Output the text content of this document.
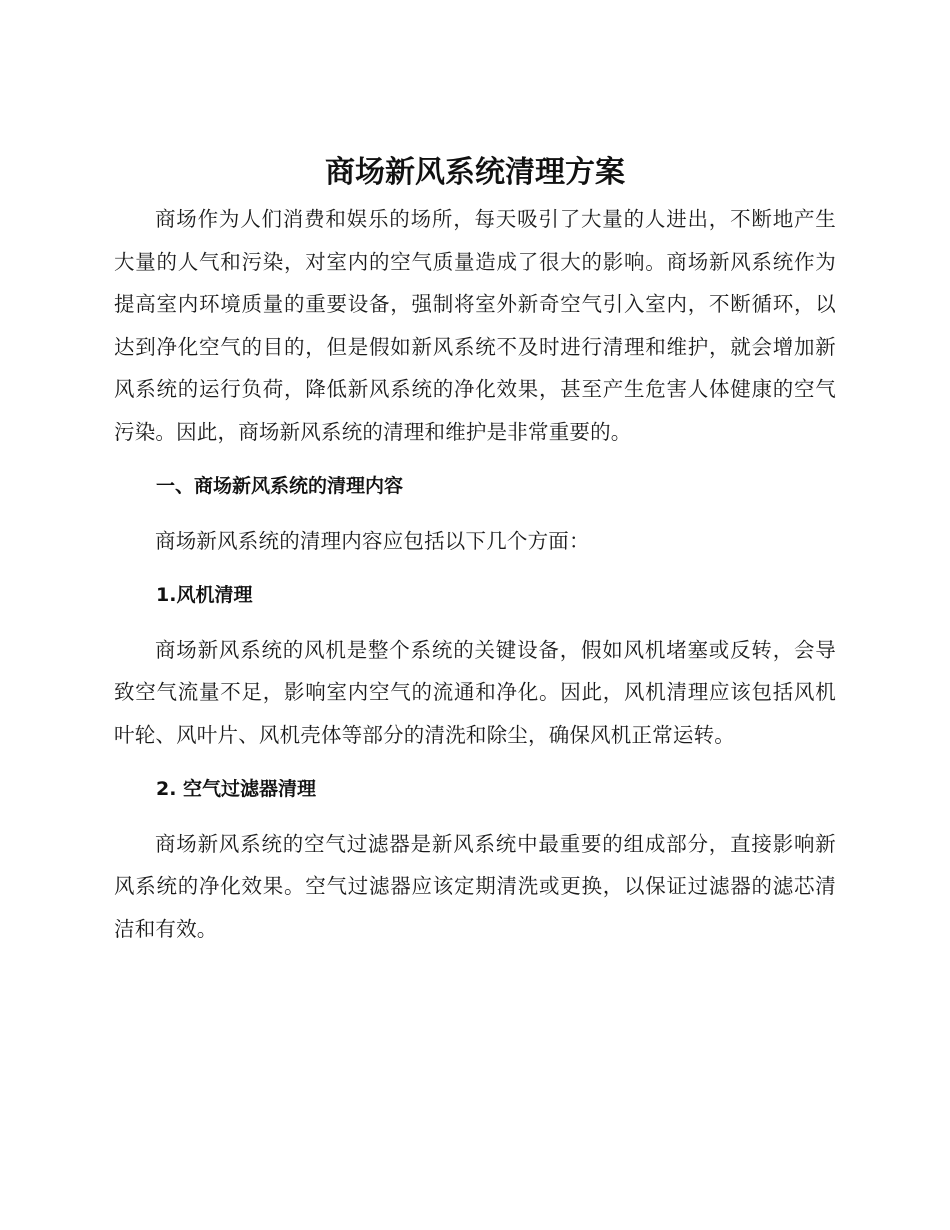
商场新风系统清理方案

商场作为人们消费和娱乐的场所，每天吸引了大量的人进出，不断地产生大量的人气和污染，对室内的空气质量造成了很大的影响。商场新风系统作为提高室内环境质量的重要设备，强制将室外新奇空气引入室内，不断循环，以达到净化空气的目的，但是假如新风系统不及时进行清理和维护，就会增加新风系统的运行负荷，降低新风系统的净化效果，甚至产生危害人体健康的空气污染。因此，商场新风系统的清理和维护是非常重要的。

一、商场新风系统的清理内容

商场新风系统的清理内容应包括以下几个方面：

1.风机清理

商场新风系统的风机是整个系统的关键设备，假如风机堵塞或反转，会导致空气流量不足，影响室内空气的流通和净化。因此，风机清理应该包括风机叶轮、风叶片、风机壳体等部分的清洗和除尘，确保风机正常运转。

2. 空气过滤器清理

商场新风系统的空气过滤器是新风系统中最重要的组成部分，直接影响新风系统的净化效果。空气过滤器应该定期清洗或更换，以保证过滤器的滤芯清洁和有效。
